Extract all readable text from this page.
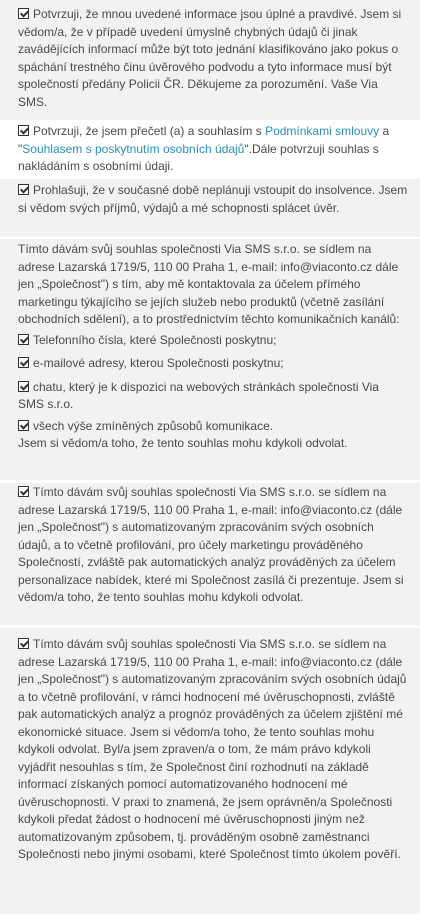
Potvrzuji, že mnou uvedené informace jsou úplné a pravdivé. Jsem si vědom/a, že v případě uvedení úmyslně chybných údajů či jinak zavádějících informací může být toto jednání klasifikováno jako pokus o spáchání trestného činu úvěrového podvodu a tyto informace musí být společností předány Policii ČR. Děkujeme za porozumění. Vaše Via SMS.
Potvrzuji, že jsem přečetl (a) a souhlasím s Podmínkami smlouvy a "Souhlasem s poskytnutím osobních údajů".Dále potvrzuji souhlas s nakládáním s osobními údaji.
Prohlašuji, že v současné době neplánuji vstoupit do insolvence. Jsem si vědom svých příjmů, výdajů a mé schopnosti splácet úvěr.

Tímto dávám svůj souhlas společnosti Via SMS s.r.o. se sídlem na adrese Lazarská 1719/5, 110 00 Praha 1, e-mail: info@viaconto.cz dále jen „Společnost") s tím, aby mě kontaktovala za účelem přímého marketingu týkajícího se jejích služeb nebo produktů (včetně zasílání obchodních sdělení), a to prostřednictvím těchto komunikačních kanálů:

Telefonního čísla, které Společnosti poskytnu;
e-mailové adresy, kterou Společnosti poskytnu;
chatu, který je k dispozici na webových stránkách společnosti Via SMS s.r.o.
všech výše zmíněných způsobů komunikace.

Jsem si vědom/a toho, že tento souhlas mohu kdykoli odvolat.

Tímto dávám svůj souhlas společnosti Via SMS s.r.o. se sídlem na adrese Lazarská 1719/5, 110 00 Praha 1, e-mail: info@viaconto.cz (dále jen „Společnost") s automatizovaným zpracováním svých osobních údajů, a to včetně profilování, pro účely marketingu prováděného Společností, zvláště pak automatických analýz prováděných za účelem personalizace nabídek, které mi Společnost zasílá či prezentuje. Jsem si vědom/a toho, že tento souhlas mohu kdykoli odvolat.
Tímto dávám svůj souhlas společnosti Via SMS s.r.o. se sídlem na adrese Lazarská 1719/5, 110 00 Praha 1, e-mail: info@viaconto.cz (dále jen „Společnost") s automatizovaným zpracováním svých osobních údajů a to včetně profilování, v rámci hodnocení mé úvěruschopnosti, zvláště pak automatických analýz a prognóz prováděných za účelem zjištění mé ekonomické situace. Jsem si vědom/a toho, že tento souhlas mohu kdykoli odvolat. Byl/a jsem zpraven/a o tom, že mám právo kdykoli vyjádřit nesouhlas s tím, že Společnost činí rozhodnutí na základě informací získaných pomocí automatizovaného hodnocení mé úvěruschopnosti. V praxi to znamená, že jsem oprávněn/a Společnosti kdykoli předat žádost o hodnocení mé úvěruschopnosti jiným než automatizovaným způsobem, tj. prováděným osobně zaměstnanci Společnosti nebo jinými osobami, které Společnost tímto úkolem pověří.
